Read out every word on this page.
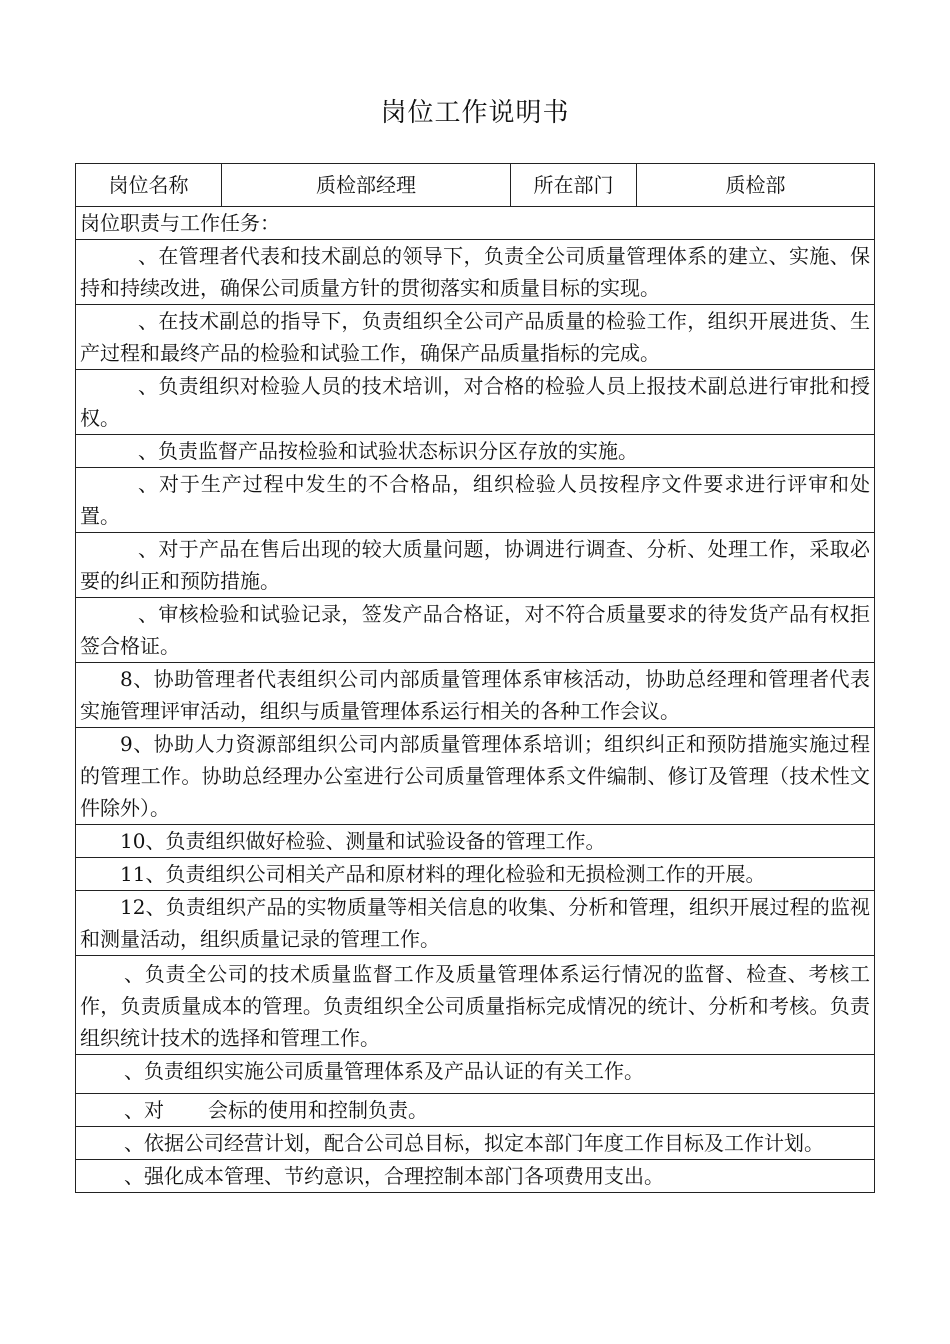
岗位工作说明书
岗位名称	质检部经理	所在部门	质检部
岗位职责与工作任务：
、在管理者代表和技术副总的领导下，负责全公司质量管理体系的建立、实施、保持和持续改进，确保公司质量方针的贯彻落实和质量目标的实现。
、在技术副总的指导下，负责组织全公司产品质量的检验工作，组织开展进货、生产过程和最终产品的检验和试验工作，确保产品质量指标的完成。
、负责组织对检验人员的技术培训，对合格的检验人员上报技术副总进行审批和授权。
、负责监督产品按检验和试验状态标识分区存放的实施。
、对于生产过程中发生的不合格品，组织检验人员按程序文件要求进行评审和处置。
、对于产品在售后出现的较大质量问题，协调进行调查、分析、处理工作，采取必要的纠正和预防措施。
、审核检验和试验记录，签发产品合格证，对不符合质量要求的待发货产品有权拒签合格证。
8、协助管理者代表组织公司内部质量管理体系审核活动，协助总经理和管理者代表实施管理评审活动，组织与质量管理体系运行相关的各种工作会议。
9、协助人力资源部组织公司内部质量管理体系培训；组织纠正和预防措施实施过程的管理工作。协助总经理办公室进行公司质量管理体系文件编制、修订及管理（技术性文件除外）。
10、负责组织做好检验、测量和试验设备的管理工作。
11、负责组织公司相关产品和原材料的理化检验和无损检测工作的开展。
12、负责组织产品的实物质量等相关信息的收集、分析和管理，组织开展过程的监视和测量活动，组织质量记录的管理工作。
、负责全公司的技术质量监督工作及质量管理体系运行情况的监督、检查、考核工作，负责质量成本的管理。负责组织全公司质量指标完成情况的统计、分析和考核。负责组织统计技术的选择和管理工作。
、负责组织实施公司质量管理体系及产品认证的有关工作。
、对 会标的使用和控制负责。
、依据公司经营计划，配合公司总目标，拟定本部门年度工作目标及工作计划。
、强化成本管理、节约意识，合理控制本部门各项费用支出。
